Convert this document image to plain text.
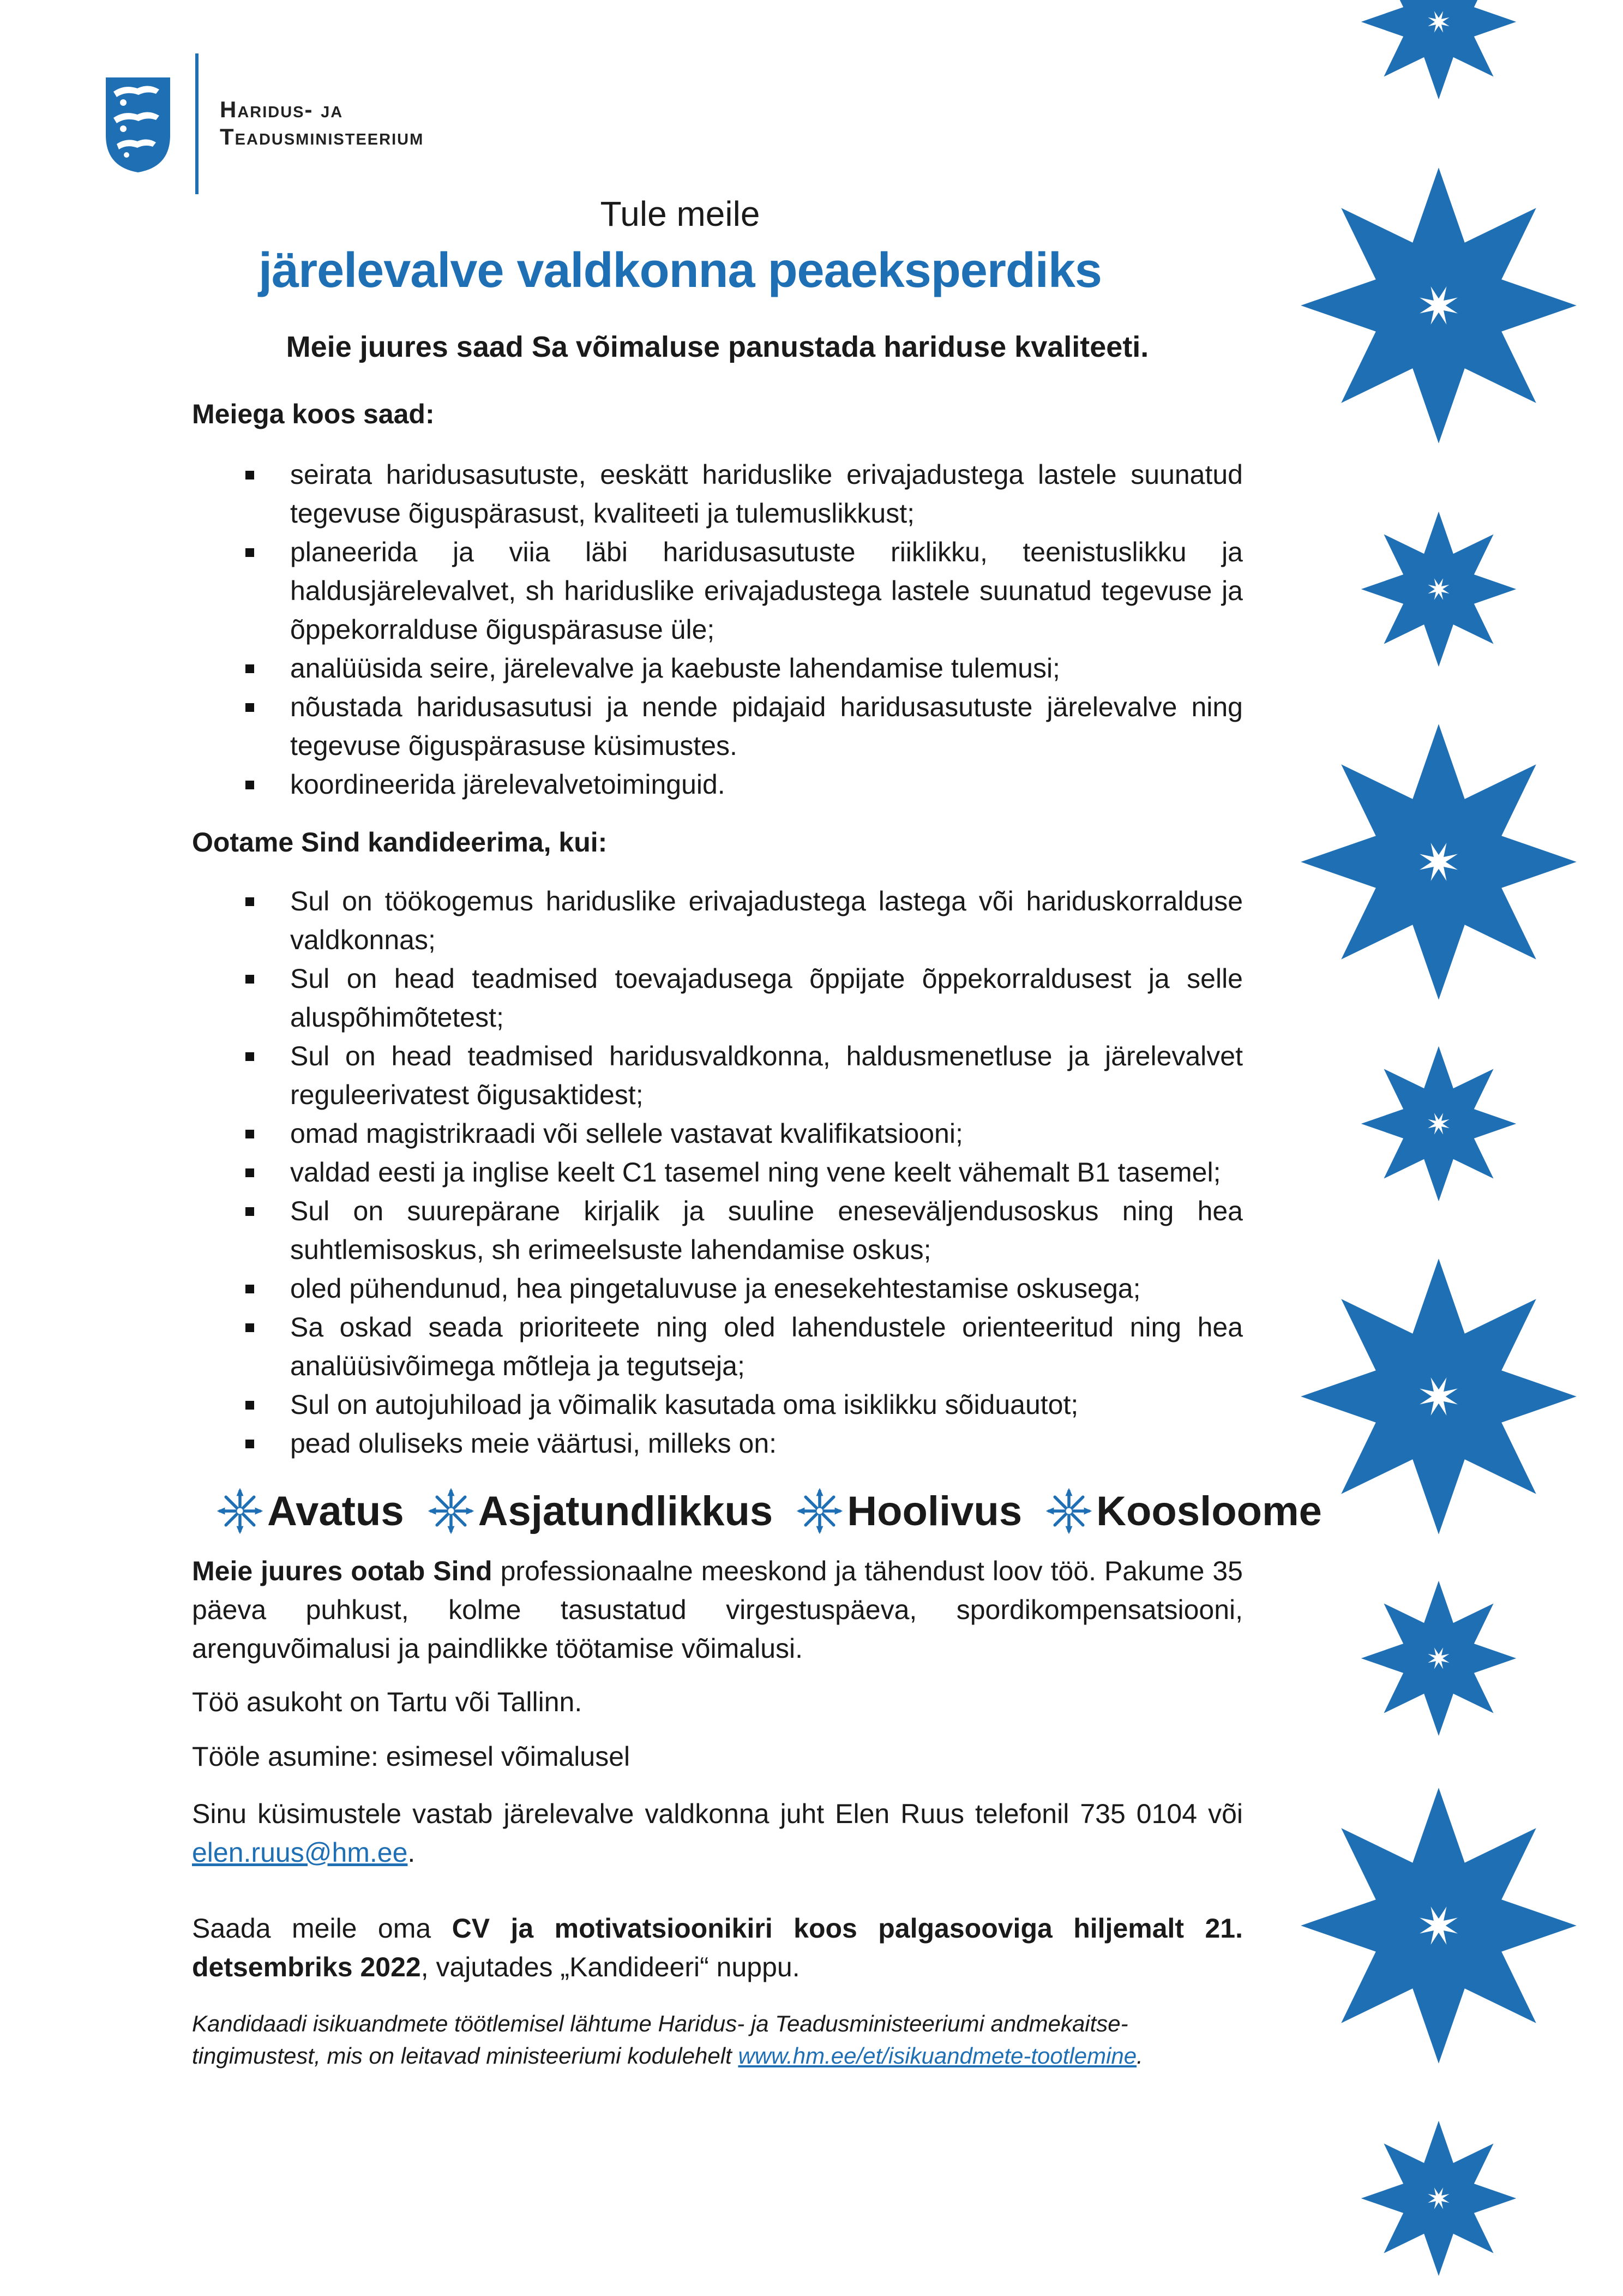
Haridus- ja
Teadusministeerium
Tule meile
järelevalve valdkonna peaeksperdiks
Meie juures saad Sa võimaluse panustada hariduse kvaliteeti.
Meiega koos saad:
seirata haridusasutuste, eeskätt hariduslike erivajadustega lastele suunatud tegevuse õiguspärasust, kvaliteeti ja tulemuslikkust;
planeerida ja viia läbi haridusasutuste riiklikku, teenistuslikku ja haldusjärelevalvet, sh hariduslike erivajadustega lastele suunatud tegevuse ja õppekorralduse õiguspärasuse üle;
analüüsida seire, järelevalve ja kaebuste lahendamise tulemusi;
nõustada haridusasutusi ja nende pidajaid haridusasutuste järelevalve ning tegevuse õiguspärasuse küsimustes.
koordineerida järelevalvetoiminguid.
Ootame Sind kandideerima, kui:
Sul on töökogemus hariduslike erivajadustega lastega või hariduskorralduse valdkonnas;
Sul on head teadmised toevajadusega õppijate õppekorraldusest ja selle aluspõhimõtetest;
Sul on head teadmised haridusvaldkonna, haldusmenetluse ja järelevalvet reguleerivatest õigusaktidest;
omad magistrikraadi või sellele vastavat kvalifikatsiooni;
valdad eesti ja inglise keelt C1 tasemel ning vene keelt vähemalt B1 tasemel;
Sul on suurepärane kirjalik ja suuline eneseväljendusoskus ning hea suhtlemisoskus, sh erimeelsuste lahendamise oskus;
oled pühendunud, hea pingetaluvuse ja enesekehtestamise oskusega;
Sa oskad seada prioriteete ning oled lahendustele orienteeritud ning hea analüüsivõimega mõtleja ja tegutseja;
Sul on autojuhiload ja võimalik kasutada oma isiklikku sõiduautot;
pead oluliseks meie väärtusi, milleks on:
Avatus Asjatundlikkus Hoolivus Koosloome
Meie juures ootab Sind professionaalne meeskond ja tähendust loov töö. Pakume 35 päeva puhkust, kolme tasustatud virgestuspäeva, spordikompensatsiooni, arenguvõimalusi ja paindlikke töötamise võimalusi.
Töö asukoht on Tartu või Tallinn.
Tööle asumine: esimesel võimalusel
Sinu küsimustele vastab järelevalve valdkonna juht Elen Ruus telefonil 735 0104 või elen.ruus@hm.ee.
Saada meile oma CV ja motivatsioonikiri koos palgasooviga hiljemalt 21. detsembriks 2022, vajutades „Kandideeri“ nuppu.
Kandidaadi isikuandmete töötlemisel lähtume Haridus- ja Teadusministeeriumi andmekaitse-tingimustest, mis on leitavad ministeeriumi kodulehelt www.hm.ee/et/isikuandmete-tootlemine.
